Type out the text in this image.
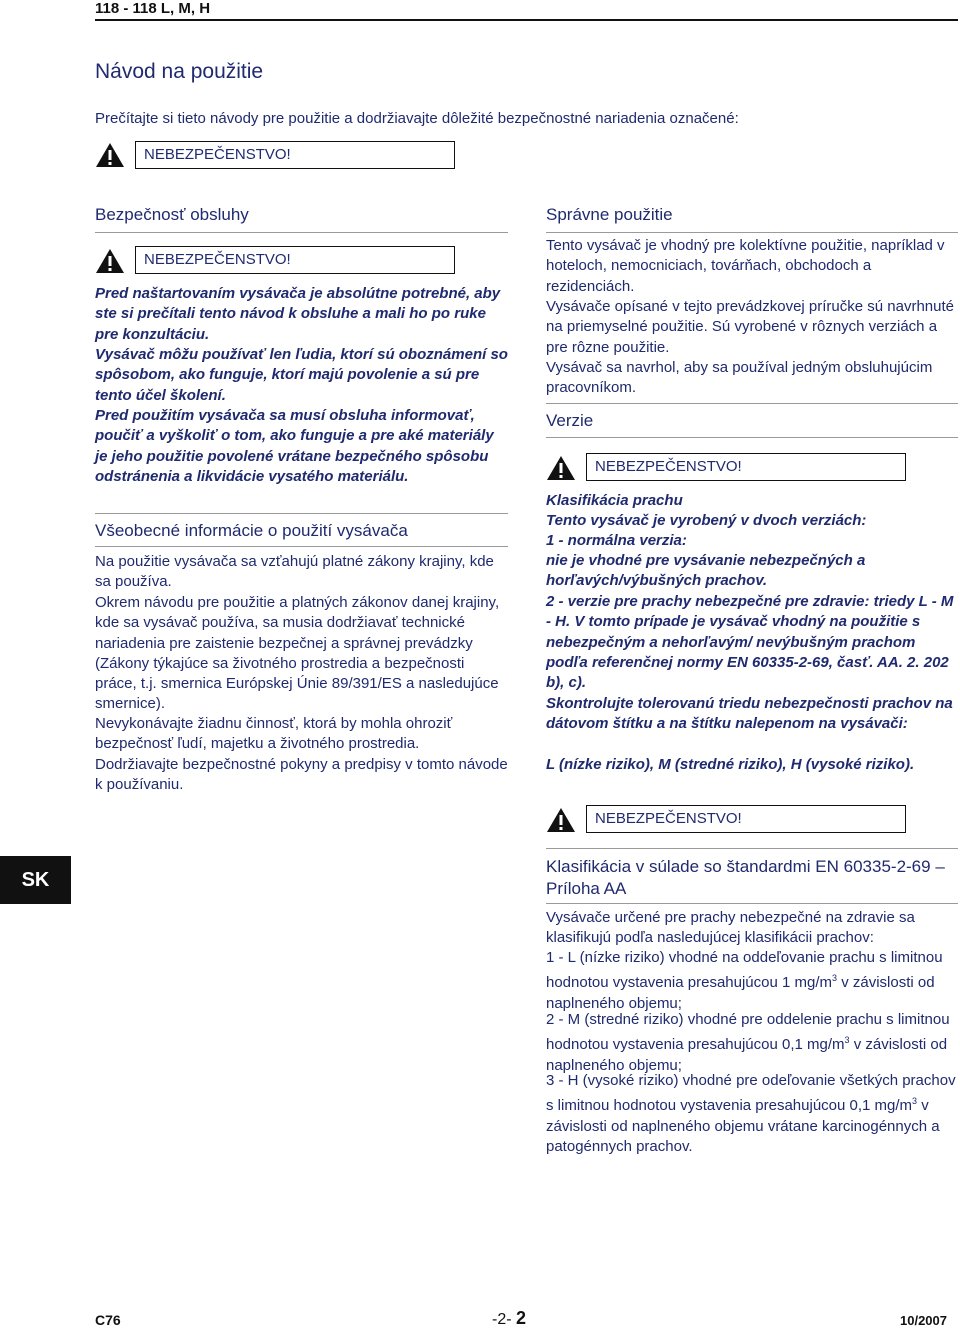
118 - 118 L, M, H
Návod na použitie
Prečítajte si tieto návody pre použitie a dodržiavajte dôležité bezpečnostné nariadenia označené:
NEBEZPEČENSTVO!
Bezpečnosť obsluhy
NEBEZPEČENSTVO!
Pred naštartovaním vysávača je absolútne potrebné, aby ste si prečítali tento návod k obsluhe a mali ho po ruke pre konzultáciu.
Vysávač môžu používať len ľudia, ktorí sú oboznámení so spôsobom, ako funguje, ktorí majú povolenie a sú pre tento účel školení.
Pred použitím vysávača sa musí obsluha informovať, poučiť a vyškoliť o tom, ako funguje a pre aké materiály je jeho použitie povolené vrátane bezpečného spôsobu odstránenia a likvidácie vysatého materiálu.
Všeobecné informácie o použití vysávača
Na použitie vysávača sa vzťahujú platné zákony krajiny, kde sa používa.
Okrem návodu pre použitie a platných zákonov danej krajiny, kde sa vysávač používa, sa musia dodržiavať technické nariadenia pre zaistenie bezpečnej a správnej prevádzky (Zákony týkajúce sa životného prostredia a bezpečnosti práce, t.j. smernica Európskej Únie 89/391/ES a nasledujúce smernice).
Nevykonávajte žiadnu činnosť, ktorá by mohla ohroziť bezpečnosť ľudí, majetku a životného prostredia.
Dodržiavajte bezpečnostné pokyny a predpisy v tomto návode k používaniu.
Správne použitie
Tento vysávač je vhodný pre kolektívne použitie, napríklad v hoteloch, nemocniciach, továrňach, obchodoch a rezidenciách.
Vysávače opísané v tejto prevádzkovej príručke sú navrhnuté na priemyselné použitie. Sú vyrobené v rôznych verziách a pre rôzne použitie.
Vysávač sa navrhol, aby sa používal jedným obsluhujúcim pracovníkom.
Verzie
NEBEZPEČENSTVO!
Klasifikácia prachu
Tento vysávač je vyrobený v dvoch verziách:
1 - normálna verzia:
nie je vhodné pre vysávanie nebezpečných a horľavých/výbušných prachov.
2 - verzie pre prachy nebezpečné pre zdravie: triedy L - M - H. V tomto prípade je vysávač vhodný na použitie s nebezpečným a nehorľavým/ nevýbušným prachom podľa referenčnej normy EN 60335-2-69, časť. AA. 2. 202 b), c).
Skontrolujte tolerovanú triedu nebezpečnosti prachov na dátovom štítku a na štítku nalepenom na vysávači:
L (nízke riziko), M (stredné riziko), H (vysoké riziko).
NEBEZPEČENSTVO!
Klasifikácia v súlade so štandardmi EN 60335-2-69 – Príloha AA
Vysávače určené pre prachy nebezpečné na zdravie sa klasifikujú podľa nasledujúcej klasifikácii prachov:
1 - L (nízke riziko) vhodné na oddeľovanie prachu s limitnou hodnotou vystavenia presahujúcou 1 $mg/m^3$ v závislosti od naplneného objemu;
2 - M (stredné riziko) vhodné pre oddelenie prachu s limitnou hodnotou vystavenia presahujúcou 0,1 $mg/m^3$ v závislosti od naplneného objemu;
3 - H (vysoké riziko) vhodné pre odeľovanie všetkých prachov s limitnou hodnotou vystavenia presahujúcou 0,1 $mg/m^3$ v závislosti od naplneného objemu vrátane karcinogénnych a patogénnych prachov.
SK
C76	-2- 2	10/2007
